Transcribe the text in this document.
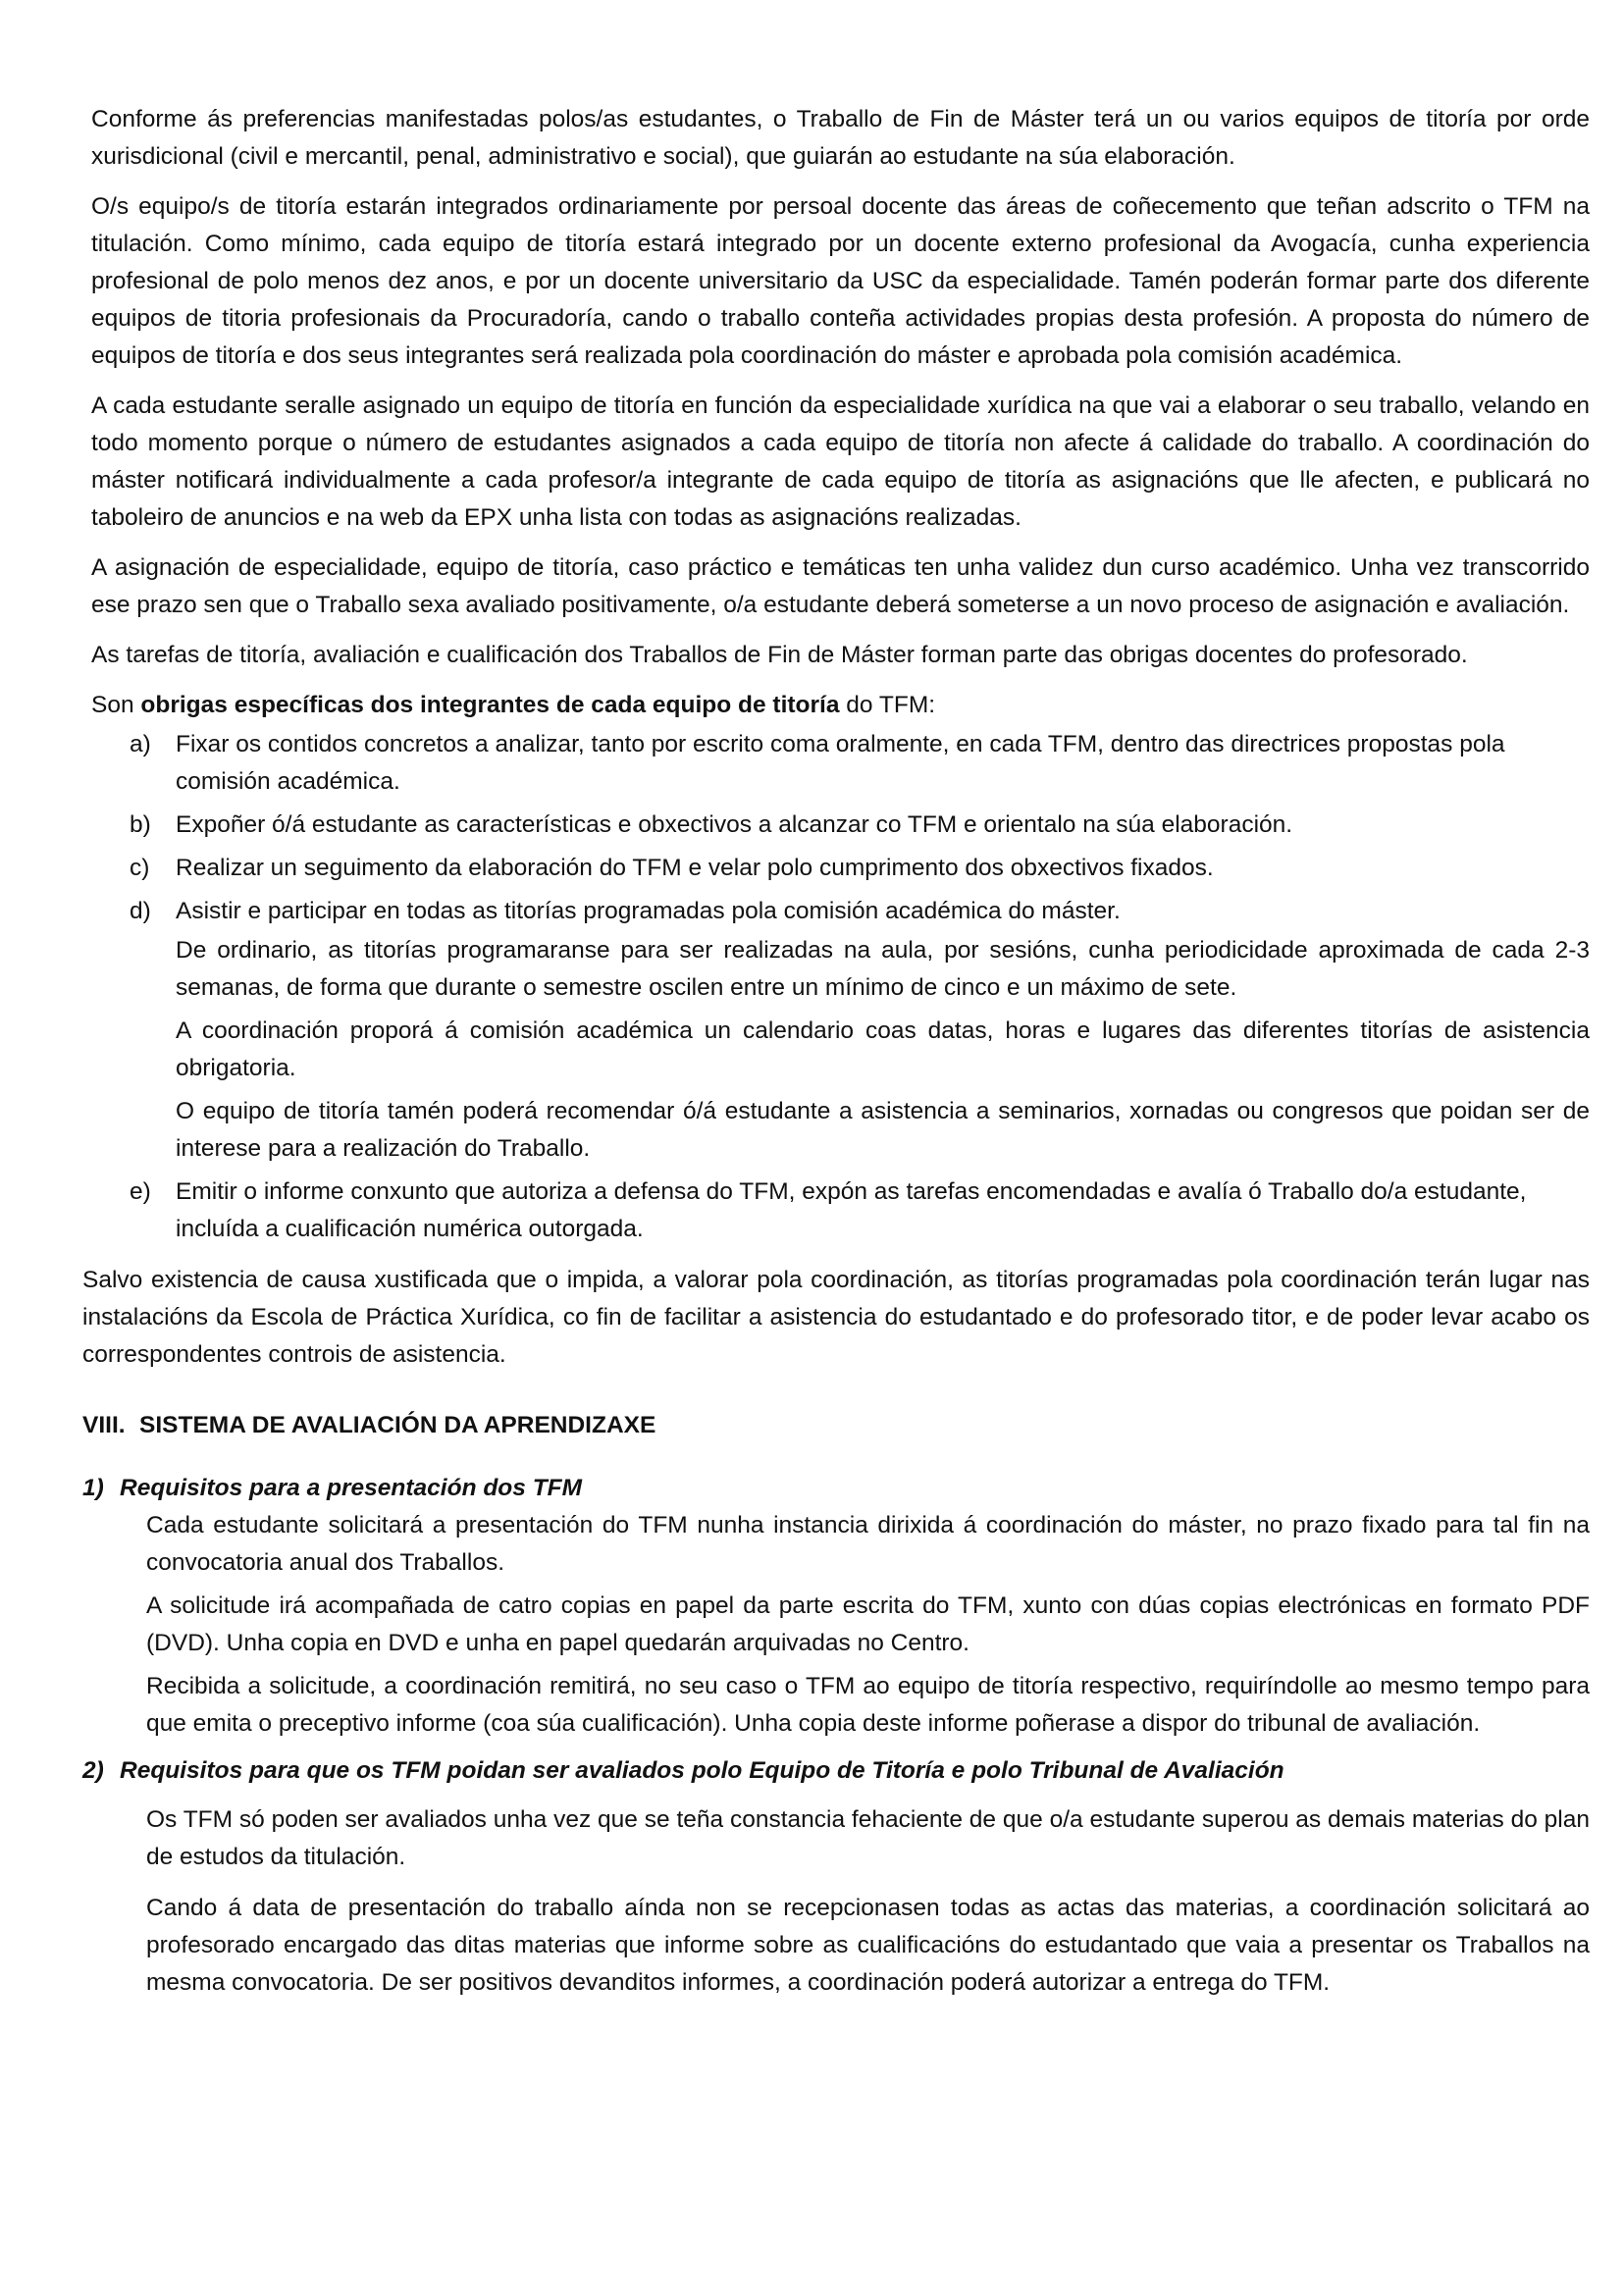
Conforme ás preferencias manifestadas polos/as estudantes, o Traballo de Fin de Máster terá un ou varios equipos de titoría por orde xurisdicional (civil e mercantil, penal, administrativo e social), que guiarán ao estudante na súa elaboración.

O/s equipo/s de titoría estarán integrados ordinariamente por persoal docente das áreas de coñecemento que teñan adscrito o TFM na titulación. Como mínimo, cada equipo de titoría estará integrado por un docente externo profesional da Avogacía, cunha experiencia profesional de polo menos dez anos, e por un docente universitario da USC da especialidade. Tamén poderán formar parte dos diferente equipos de titoria profesionais da Procuradoría, cando o traballo conteña actividades propias desta profesión. A proposta do número de equipos de titoría e dos seus integrantes será realizada pola coordinación do máster e aprobada pola comisión académica.

A cada estudante seralle asignado un equipo de titoría en función da especialidade xurídica na que vai a elaborar o seu traballo, velando en todo momento porque o número de estudantes asignados a cada equipo de titoría non afecte á calidade do traballo. A coordinación do máster notificará individualmente a cada profesor/a integrante de cada equipo de titoría as asignacións que lle afecten, e publicará no taboleiro de anuncios e na web da EPX unha lista con todas as asignacións realizadas.

A asignación de especialidade, equipo de titoría, caso práctico e temáticas ten unha validez dun curso académico. Unha vez transcorrido ese prazo sen que o Traballo sexa avaliado positivamente, o/a estudante deberá someterse a un novo proceso de asignación e avaliación.

As tarefas de titoría, avaliación e cualificación dos Traballos de Fin de Máster forman parte das obrigas docentes do profesorado.

Son obrigas específicas dos integrantes de cada equipo de titoría do TFM:

a)	Fixar os contidos concretos a analizar, tanto por escrito coma oralmente, en cada TFM, dentro das directrices propostas pola comisión académica.
b)	Expoñer ó/á estudante as características e obxectivos a alcanzar co TFM e orientalo na súa elaboración.
c)	Realizar un seguimento da elaboración do TFM e velar polo cumprimento dos obxectivos fixados.
d)	Asistir e participar en todas as titorías programadas pola comisión académica do máster.

De ordinario, as titorías programaranse para ser realizadas na aula, por sesións, cunha periodicidade aproximada de cada 2-3 semanas, de forma que durante o semestre oscilen entre un mínimo de cinco e un máximo de sete.

A coordinación proporá á comisión académica un calendario coas datas, horas e lugares das diferentes titorías de asistencia obrigatoria.

O equipo de titoría tamén poderá recomendar ó/á estudante a asistencia a seminarios, xornadas ou congresos que poidan ser de interese para a realización do Traballo.

e)	Emitir o informe conxunto que autoriza a defensa do TFM, expón as tarefas encomendadas e avalía ó Traballo do/a estudante, incluída a cualificación numérica outorgada.

Salvo existencia de causa xustificada que o impida, a valorar pola coordinación, as titorías programadas pola coordinación terán lugar nas instalacións da Escola de Práctica Xurídica, co fin de facilitar a asistencia do estudantado e do profesorado titor, e de poder levar acabo os correspondentes controis de asistencia.

VIII. SISTEMA DE AVALIACIÓN DA APRENDIZAXE
1) Requisitos para a presentación dos TFM

Cada estudante solicitará a presentación do TFM nunha instancia dirixida á coordinación do máster, no prazo fixado para tal fin na convocatoria anual dos Traballos.

A solicitude irá acompañada de catro copias en papel da parte escrita do TFM, xunto con dúas copias electrónicas en formato PDF (DVD). Unha copia en DVD e unha en papel quedarán arquivadas no Centro.

Recibida a solicitude, a coordinación remitirá, no seu caso o TFM ao equipo de titoría respectivo, requiríndolle ao mesmo tempo para que emita o preceptivo informe (coa súa cualificación). Unha copia deste informe poñerase a dispor do tribunal de avaliación.

2) Requisitos para que os TFM poidan ser avaliados polo Equipo de Titoría e polo Tribunal de Avaliación

Os TFM só poden ser avaliados unha vez que se teña constancia fehaciente de que o/a estudante superou as demais materias do plan de estudos da titulación.

Cando á data de presentación do traballo aínda non se recepcionasen todas as actas das materias, a coordinación solicitará ao profesorado encargado das ditas materias que informe sobre as cualificacións do estudantado que vaia a presentar os Traballos na mesma convocatoria. De ser positivos devanditos informes, a coordinación poderá autorizar a entrega do TFM.
